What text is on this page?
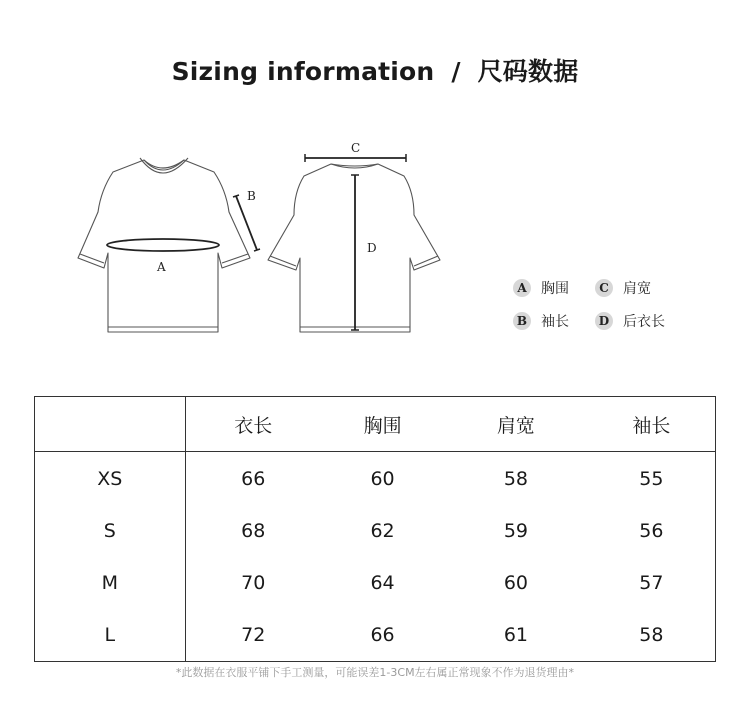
Sizing information / 尺码数据
A
B
C
D
A	胸围	C	肩宽
B 袖长	D 后衣长
	衣长	胸围	肩宽	袖长
XS	66	60	58	55
S	68	62	59	56
M	70	64	60	57
L	72	66	61	58
*此数据在衣服平铺下手工测量，可能误差1-3CM左右属正常现象不作为退货理由*
